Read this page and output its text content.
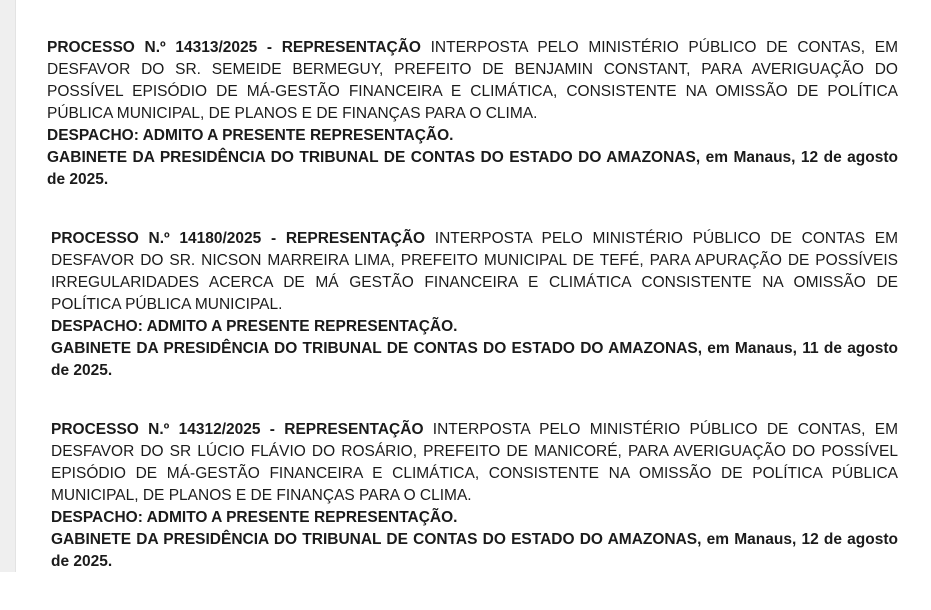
PROCESSO N.º 14313/2025 - REPRESENTAÇÃO INTERPOSTA PELO MINISTÉRIO PÚBLICO DE CONTAS, EM DESFAVOR DO SR. SEMEIDE BERMEGUY, PREFEITO DE BENJAMIN CONSTANT, PARA AVERIGUAÇÃO DO POSSÍVEL EPISÓDIO DE MÁ-GESTÃO FINANCEIRA E CLIMÁTICA, CONSISTENTE NA OMISSÃO DE POLÍTICA PÚBLICA MUNICIPAL, DE PLANOS E DE FINANÇAS PARA O CLIMA.

DESPACHO: ADMITO A PRESENTE REPRESENTAÇÃO.

GABINETE DA PRESIDÊNCIA DO TRIBUNAL DE CONTAS DO ESTADO DO AMAZONAS, em Manaus, 12 de agosto de 2025.

PROCESSO N.º 14180/2025 - REPRESENTAÇÃO INTERPOSTA PELO MINISTÉRIO PÚBLICO DE CONTAS EM DESFAVOR DO SR. NICSON MARREIRA LIMA, PREFEITO MUNICIPAL DE TEFÉ, PARA APURAÇÃO DE POSSÍVEIS IRREGULARIDADES ACERCA DE MÁ GESTÃO FINANCEIRA E CLIMÁTICA CONSISTENTE NA OMISSÃO DE POLÍTICA PÚBLICA MUNICIPAL.

DESPACHO: ADMITO A PRESENTE REPRESENTAÇÃO.

GABINETE DA PRESIDÊNCIA DO TRIBUNAL DE CONTAS DO ESTADO DO AMAZONAS, em Manaus, 11 de agosto de 2025.

PROCESSO N.º 14312/2025 - REPRESENTAÇÃO INTERPOSTA PELO MINISTÉRIO PÚBLICO DE CONTAS, EM DESFAVOR DO SR LÚCIO FLÁVIO DO ROSÁRIO, PREFEITO DE MANICORÉ, PARA AVERIGUAÇÃO DO POSSÍVEL EPISÓDIO DE MÁ-GESTÃO FINANCEIRA E CLIMÁTICA, CONSISTENTE NA OMISSÃO DE POLÍTICA PÚBLICA MUNICIPAL, DE PLANOS E DE FINANÇAS PARA O CLIMA.

DESPACHO: ADMITO A PRESENTE REPRESENTAÇÃO.

GABINETE DA PRESIDÊNCIA DO TRIBUNAL DE CONTAS DO ESTADO DO AMAZONAS, em Manaus, 12 de agosto de 2025.
